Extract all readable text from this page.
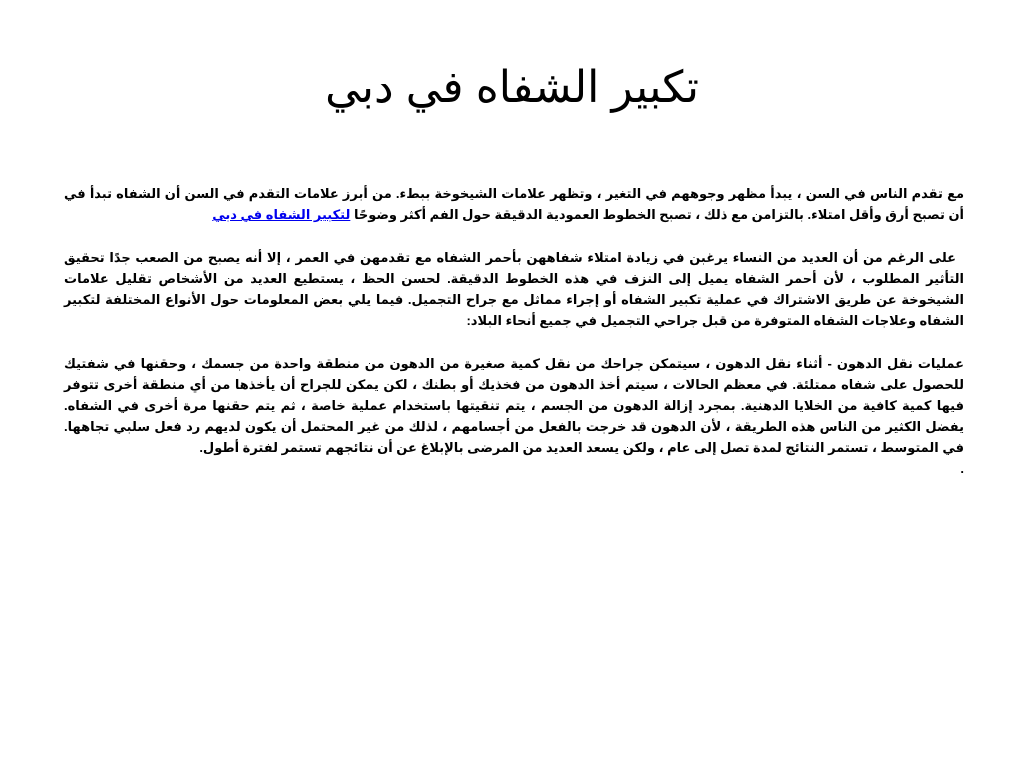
تكبير الشفاه في دبي

مع تقدم الناس في السن ، يبدأ مظهر وجوههم في التغير ، وتظهر علامات الشيخوخة ببطء. من أبرز علامات التقدم في السن أن الشفاه تبدأ في أن تصبح أرق وأقل امتلاء. بالتزامن مع ذلك ، تصبح الخطوط العمودية الدقيقة حول الفم أكثر وضوحًا لتكبير الشفاه في دبي

على الرغم من أن العديد من النساء يرغبن في زيادة امتلاء شفاههن بأحمر الشفاه مع تقدمهن في العمر ، إلا أنه يصبح من الصعب جدًا تحقيق التأثير المطلوب ، لأن أحمر الشفاه يميل إلى النزف في هذه الخطوط الدقيقة. لحسن الحظ ، يستطيع العديد من الأشخاص تقليل علامات الشيخوخة عن طريق الاشتراك في عملية تكبير الشفاه أو إجراء مماثل مع جراح التجميل. فيما يلي بعض المعلومات حول الأنواع المختلفة لتكبير الشفاه وعلاجات الشفاه المتوفرة من قبل جراحي التجميل في جميع أنحاء البلاد:

عمليات نقل الدهون - أثناء نقل الدهون ، سيتمكن جراحك من نقل كمية صغيرة من الدهون من منطقة واحدة من جسمك ، وحقنها في شفتيك للحصول على شفاه ممتلئة. في معظم الحالات ، سيتم أخذ الدهون من فخذيك أو بطنك ، لكن يمكن للجراح أن يأخذها من أي منطقة أخرى تتوفر فيها كمية كافية من الخلايا الدهنية. بمجرد إزالة الدهون من الجسم ، يتم تنقيتها باستخدام عملية خاصة ، ثم يتم حقنها مرة أخرى في الشفاه. يفضل الكثير من الناس هذه الطريقة ، لأن الدهون قد خرجت بالفعل من أجسامهم ، لذلك من غير المحتمل أن يكون لديهم رد فعل سلبي تجاهها. في المتوسط ، تستمر النتائج لمدة تصل إلى عام ، ولكن يسعد العديد من المرضى بالإبلاغ عن أن نتائجهم تستمر لفترة أطول.

.
